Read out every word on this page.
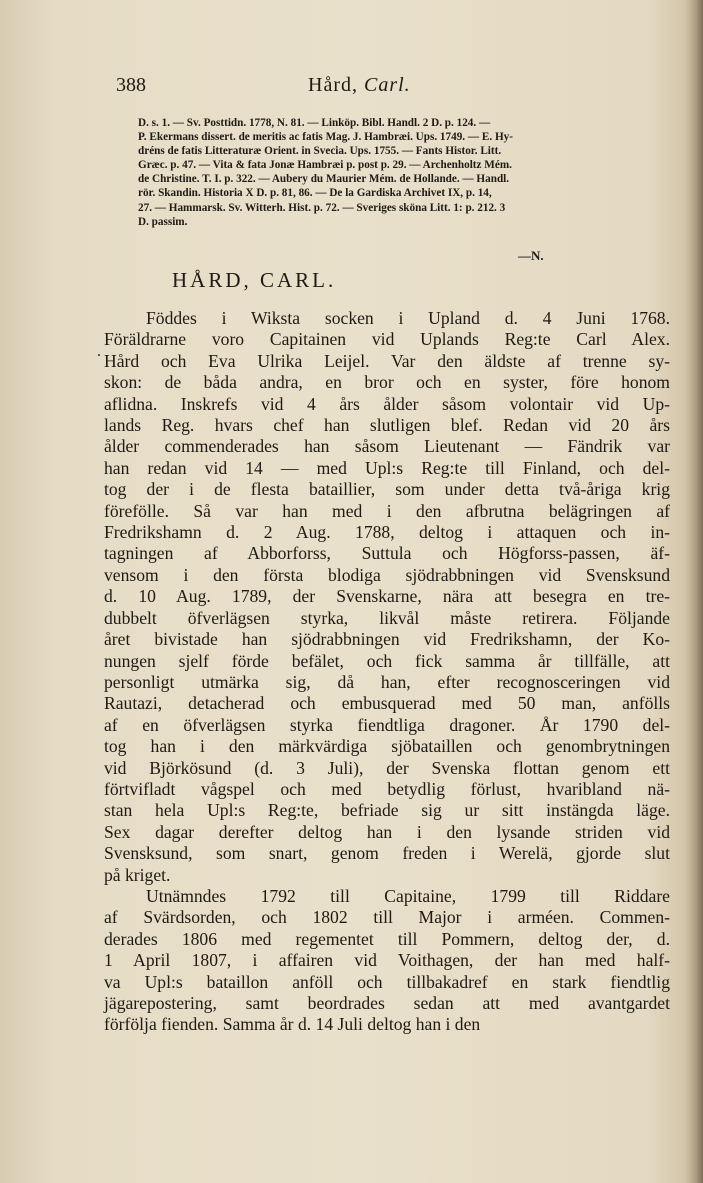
388	Hård, Carl.
D. s. 1. — Sv. Posttidn. 1778, N. 81. — Linköp. Bibl. Handl. 2 D. p. 124. —
P. Ekermans dissert. de meritis ac fatis Mag. J. Hambræi. Ups. 1749. — E. Hy-
dréns de fatis Litteraturæ Orient. in Svecia. Ups. 1755. — Fants Histor. Litt.
Græc. p. 47. — Vita & fata Jonæ Hambræi p. post p. 29. — Archenholtz Mém.
de Christine. T. I. p. 322. — Aubery du Maurier Mém. de Hollande. — Handl.
rör. Skandin. Historia X D. p. 81, 86. — De la Gardiska Archivet IX, p. 14,
27. — Hammarsk. Sv. Witterh. Hist. p. 72. — Sveriges sköna Litt. 1: p. 212. 3
D. passim.
—N.
HÅRD, CARL.
.
Föddes i Wiksta socken i Upland d. 4 Juni 1768.
Föräldrarne voro Capitainen vid Uplands Reg:te Carl Alex.
Hård och Eva Ulrika Leijel. Var den äldste af trenne sy-
skon: de båda andra, en bror och en syster, före honom
aflidna. Inskrefs vid 4 års ålder såsom volontair vid Up-
lands Reg. hvars chef han slutligen blef. Redan vid 20 års
ålder commenderades han såsom Lieutenant — Fändrik var
han redan vid 14 — med Upl:s Reg:te till Finland, och del-
tog der i de flesta bataillier, som under detta två-åriga krig
förefölle. Så var han med i den afbrutna belägringen af
Fredrikshamn d. 2 Aug. 1788, deltog i attaquen och in-
tagningen af Abborforss, Suttula och Högforss-passen, äf-
vensom i den första blodiga sjödrabbningen vid Svensksund
d. 10 Aug. 1789, der Svenskarne, nära att besegra en tre-
dubbelt öfverlägsen styrka, likvål måste retirera. Följande
året bivistade han sjödrabbningen vid Fredrikshamn, der Ko-
nungen sjelf förde befälet, och fick samma år tillfälle, att
personligt utmärka sig, då han, efter recognosceringen vid
Rautazi, detacherad och embusquerad med 50 man, anfölls
af en öfverlägsen styrka fiendtliga dragoner. År 1790 del-
tog han i den märkvärdiga sjöbataillen och genombrytningen
vid Björkösund (d. 3 Juli), der Svenska flottan genom ett
förtvifladt vågspel och med betydlig förlust, hvaribland nä-
stan hela Upl:s Reg:te, befriade sig ur sitt instängda läge.
Sex dagar derefter deltog han i den lysande striden vid
Svensksund, som snart, genom freden i Werelä, gjorde slut
på kriget.
Utnämndes 1792 till Capitaine, 1799 till Riddare
af Svärdsorden, och 1802 till Major i arméen. Commen-
derades 1806 med regementet till Pommern, deltog der, d.
1 April 1807, i affairen vid Voithagen, der han med half-
va Upl:s bataillon anföll och tillbakadref en stark fiendtlig
jägarepostering, samt beordrades sedan att med avantgardet
förfölja fienden. Samma år d. 14 Juli deltog han i den
